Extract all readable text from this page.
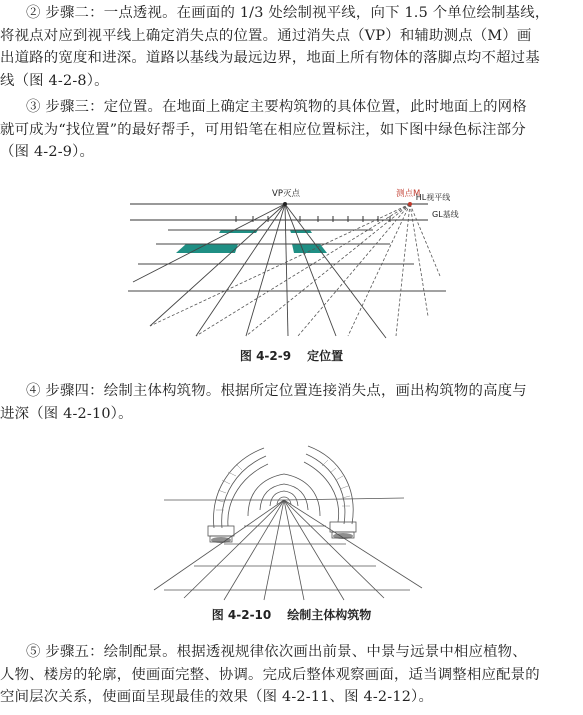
② 步骤二：一点透视。在画面的 1/3 处绘制视平线，向下 1.5 个单位绘制基线，
将视点对应到视平线上确定消失点的位置。通过消失点（VP）和辅助测点（M）画
出道路的宽度和进深。道路以基线为最远边界，地面上所有物体的落脚点均不超过基
线（图 4-2-8）。
③ 步骤三：定位置。在地面上确定主要构筑物的具体位置，此时地面上的网格
就可成为“找位置”的最好帮手，可用铅笔在相应位置标注，如下图中绿色标注部分
（图 4-2-9）。
VP灭点	测点M
HL视平线
GL基线
图 4-2-9 定位置
④ 步骤四：绘制主体构筑物。根据所定位置连接消失点，画出构筑物的高度与
进深（图 4-2-10）。
图 4-2-10 绘制主体构筑物
⑤ 步骤五：绘制配景。根据透视规律依次画出前景、中景与远景中相应植物、
人物、楼房的轮廓，使画面完整、协调。完成后整体观察画面，适当调整相应配景的
空间层次关系，使画面呈现最佳的效果（图 4-2-11、图 4-2-12）。
